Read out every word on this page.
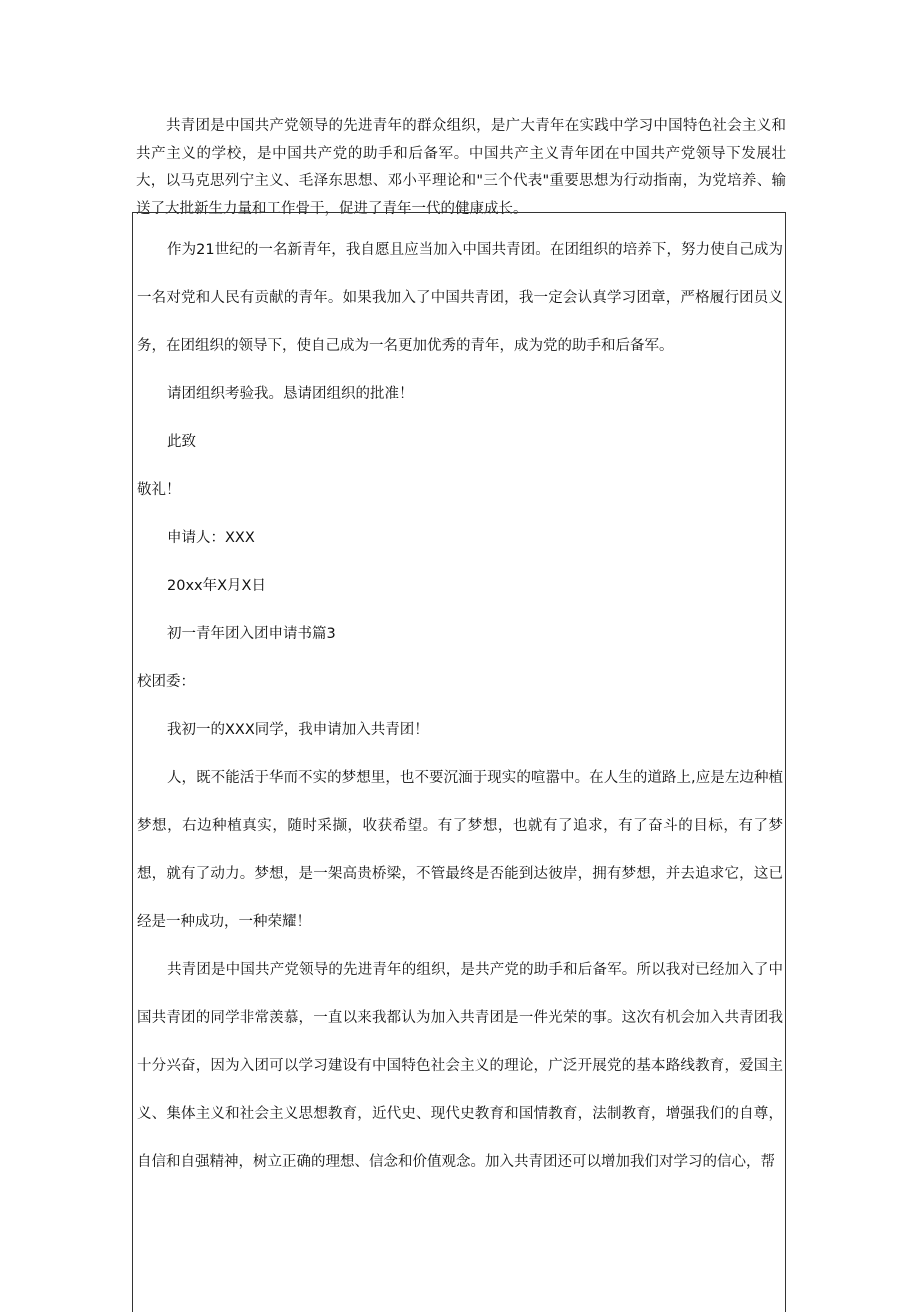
共青团是中国共产党领导的先进青年的群众组织，是广大青年在实践中学习中国特色社会主义和共产主义的学校，是中国共产党的助手和后备军。中国共产主义青年团在中国共产党领导下发展壮大，以马克思列宁主义、毛泽东思想、邓小平理论和"三个代表"重要思想为行动指南，为党培养、输送了大批新生力量和工作骨干，促进了青年一代的健康成长。

作为21世纪的一名新青年，我自愿且应当加入中国共青团。在团组织的培养下，努力使自己成为一名对党和人民有贡献的青年。如果我加入了中国共青团，我一定会认真学习团章，严格履行团员义务，在团组织的领导下，使自己成为一名更加优秀的青年，成为党的助手和后备军。

请团组织考验我。恳请团组织的批准！

此致

敬礼！

申请人：XXX

20xx年X月X日

初一青年团入团申请书篇3

校团委：

我初一的XXX同学，我申请加入共青团！

人，既不能活于华而不实的梦想里，也不要沉湎于现实的喧嚣中。在人生的道路上,应是左边种植梦想，右边种植真实，随时采撷，收获希望。有了梦想，也就有了追求，有了奋斗的目标，有了梦想，就有了动力。梦想，是一架高贵桥梁，不管最终是否能到达彼岸，拥有梦想，并去追求它，这已经是一种成功，一种荣耀！

共青团是中国共产党领导的先进青年的组织，是共产党的助手和后备军。所以我对已经加入了中国共青团的同学非常羡慕，一直以来我都认为加入共青团是一件光荣的事。这次有机会加入共青团我十分兴奋，因为入团可以学习建设有中国特色社会主义的理论，广泛开展党的基本路线教育，爱国主义、集体主义和社会主义思想教育，近代史、现代史教育和国情教育，法制教育，增强我们的自尊，自信和自强精神，树立正确的理想、信念和价值观念。加入共青团还可以增加我们对学习的信心，帮
